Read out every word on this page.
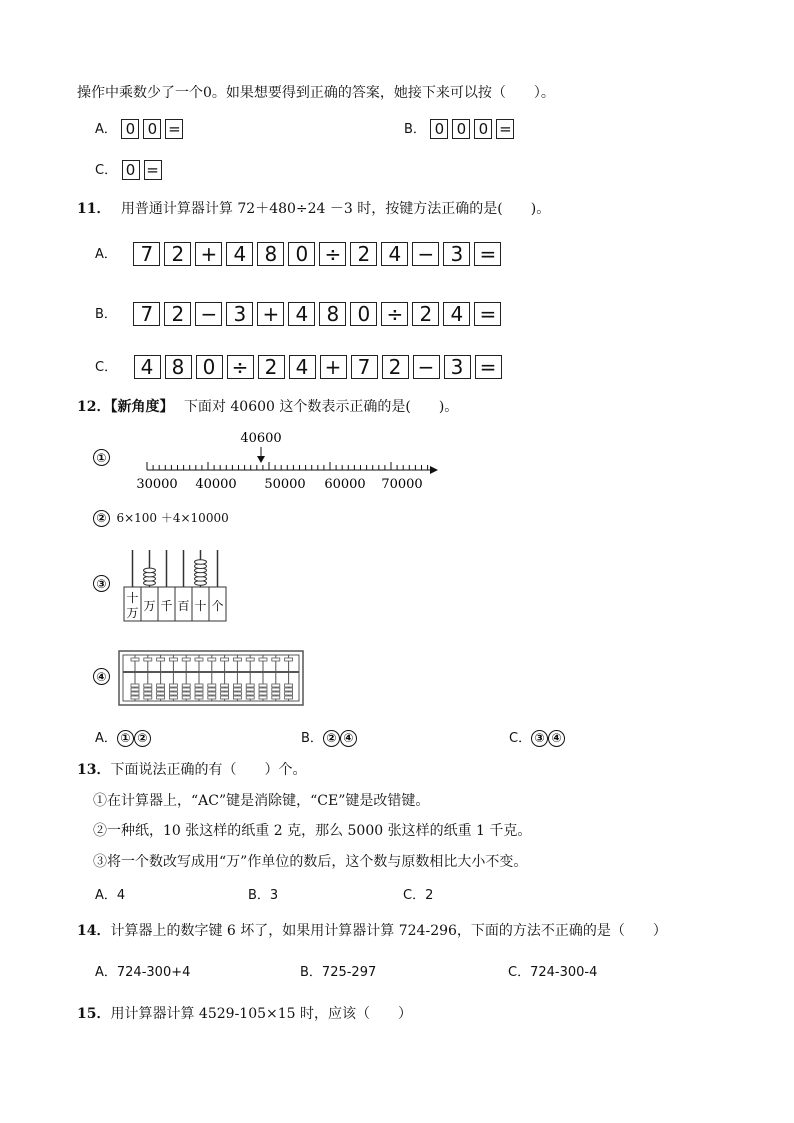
操作中乘数少了一个0。如果想要得到正确的答案，她接下来可以按（　　）。
A． 0 0 =	B． 0 0 0 =
C． 0 =
11． 用普通计算器计算 72＋480÷24 －3 时，按键方法正确的是(　　)。
A．	7 2 + 4 8 0 ÷ 2 4 − 3 =
B．	7 2 − 3 + 4 8 0 ÷ 2 4 =
C．	4 8 0 ÷ 2 4 + 7 2 − 3 =
12．【新角度】 下面对 40600 这个数表示正确的是(　　)。
①
40600
30000 40000 50000 60000 70000
② 6×100 ＋4×10000
③
十
万 万 千 百 十 个
④
A． ① ②	B． ② ④	C． ③ ④
13．下面说法正确的有（　　）个。
①在计算器上，“AC”键是消除键，“CE”键是改错键。
②一种纸，10 张这样的纸重 2 克，那么 5000 张这样的纸重 1 千克。
③将一个数改写成用“万”作单位的数后，这个数与原数相比大小不变。
A．4	B．3	C．2
14．计算器上的数字键 6 坏了，如果用计算器计算 724-296，下面的方法不正确的是（　　）
A．724-300+4	B．725-297	C．724-300-4
15．用计算器计算 4529-105×15 时，应该（　　）
